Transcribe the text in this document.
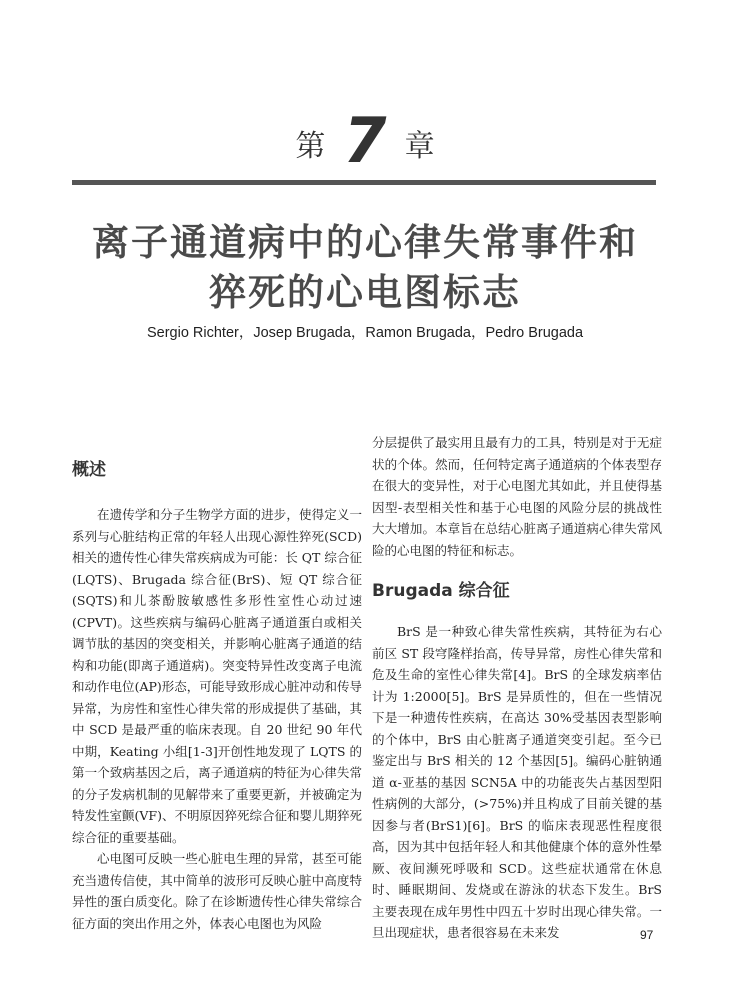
第 7 章
离子通道病中的心律失常事件和
猝死的心电图标志
Sergio Richter，Josep Brugada，Ramon Brugada，Pedro Brugada
概述

在遗传学和分子生物学方面的进步，使得定义一系列与心脏结构正常的年轻人出现心源性猝死(SCD)相关的遗传性心律失常疾病成为可能：长 QT 综合征(LQTS)、Brugada 综合征(BrS)、短 QT 综合征(SQTS)和儿茶酚胺敏感性多形性室性心动过速(CPVT)。这些疾病与编码心脏离子通道蛋白或相关调节肽的基因的突变相关，并影响心脏离子通道的结构和功能(即离子通道病)。突变特异性改变离子电流和动作电位(AP)形态，可能导致形成心脏冲动和传导异常，为房性和室性心律失常的形成提供了基础，其中 SCD 是最严重的临床表现。自 20 世纪 90 年代中期，Keating 小组[1-3]开创性地发现了 LQTS 的第一个致病基因之后，离子通道病的特征为心律失常的分子发病机制的见解带来了重要更新，并被确定为特发性室颤(VF)、不明原因猝死综合征和婴儿期猝死综合征的重要基础。

心电图可反映一些心脏电生理的异常，甚至可能充当遗传信使，其中简单的波形可反映心脏中高度特异性的蛋白质变化。除了在诊断遗传性心律失常综合征方面的突出作用之外，体表心电图也为风险

分层提供了最实用且最有力的工具，特别是对于无症状的个体。然而，任何特定离子通道病的个体表型存在很大的变异性，对于心电图尤其如此，并且使得基因型-表型相关性和基于心电图的风险分层的挑战性大大增加。本章旨在总结心脏离子通道病心律失常风险的心电图的特征和标志。

Brugada 综合征

BrS 是一种致心律失常性疾病，其特征为右心前区 ST 段穹隆样抬高，传导异常，房性心律失常和危及生命的室性心律失常[4]。BrS 的全球发病率估计为 1:2000[5]。BrS 是异质性的，但在一些情况下是一种遗传性疾病，在高达 30%受基因表型影响的个体中，BrS 由心脏离子通道突变引起。至今已鉴定出与 BrS 相关的 12 个基因[5]。编码心脏钠通道 α-亚基的基因 SCN5A 中的功能丧失占基因型阳性病例的大部分，(>75%)并且构成了目前关键的基因参与者(BrS1)[6]。BrS 的临床表现恶性程度很高，因为其中包括年轻人和其他健康个体的意外性晕厥、夜间濒死呼吸和 SCD。这些症状通常在休息时、睡眠期间、发烧或在游泳的状态下发生。BrS 主要表现在成年男性中四五十岁时出现心律失常。一旦出现症状，患者很容易在未来发	97
